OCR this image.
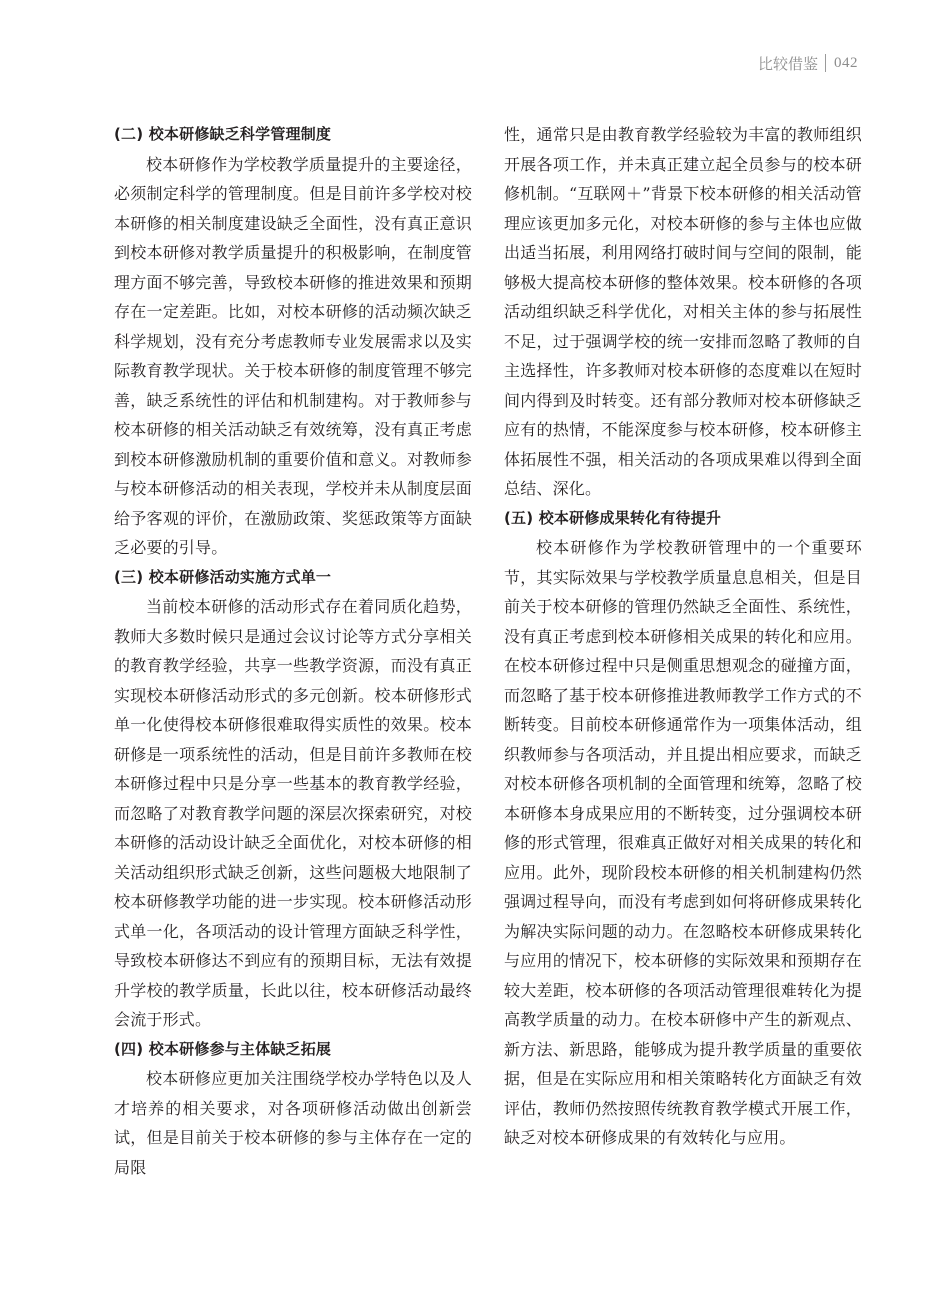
比较借鉴 042
(二) 校本研修缺乏科学管理制度

校本研修作为学校教学质量提升的主要途径，必须制定科学的管理制度。但是目前许多学校对校本研修的相关制度建设缺乏全面性，没有真正意识到校本研修对教学质量提升的积极影响，在制度管理方面不够完善，导致校本研修的推进效果和预期存在一定差距。比如，对校本研修的活动频次缺乏科学规划，没有充分考虑教师专业发展需求以及实际教育教学现状。关于校本研修的制度管理不够完善，缺乏系统性的评估和机制建构。对于教师参与校本研修的相关活动缺乏有效统筹，没有真正考虑到校本研修激励机制的重要价值和意义。对教师参与校本研修活动的相关表现，学校并未从制度层面给予客观的评价，在激励政策、奖惩政策等方面缺乏必要的引导。

(三) 校本研修活动实施方式单一

当前校本研修的活动形式存在着同质化趋势，教师大多数时候只是通过会议讨论等方式分享相关的教育教学经验，共享一些教学资源，而没有真正实现校本研修活动形式的多元创新。校本研修形式单一化使得校本研修很难取得实质性的效果。校本研修是一项系统性的活动，但是目前许多教师在校本研修过程中只是分享一些基本的教育教学经验，而忽略了对教育教学问题的深层次探索研究，对校本研修的活动设计缺乏全面优化，对校本研修的相关活动组织形式缺乏创新，这些问题极大地限制了校本研修教学功能的进一步实现。校本研修活动形式单一化，各项活动的设计管理方面缺乏科学性，导致校本研修达不到应有的预期目标，无法有效提升学校的教学质量，长此以往，校本研修活动最终会流于形式。

(四) 校本研修参与主体缺乏拓展

校本研修应更加关注围绕学校办学特色以及人才培养的相关要求，对各项研修活动做出创新尝试，但是目前关于校本研修的参与主体存在一定的局限

性，通常只是由教育教学经验较为丰富的教师组织开展各项工作，并未真正建立起全员参与的校本研修机制。“互联网＋”背景下校本研修的相关活动管理应该更加多元化，对校本研修的参与主体也应做出适当拓展，利用网络打破时间与空间的限制，能够极大提高校本研修的整体效果。校本研修的各项活动组织缺乏科学优化，对相关主体的参与拓展性不足，过于强调学校的统一安排而忽略了教师的自主选择性，许多教师对校本研修的态度难以在短时间内得到及时转变。还有部分教师对校本研修缺乏应有的热情，不能深度参与校本研修，校本研修主体拓展性不强，相关活动的各项成果难以得到全面总结、深化。

(五) 校本研修成果转化有待提升

校本研修作为学校教研管理中的一个重要环节，其实际效果与学校教学质量息息相关，但是目前关于校本研修的管理仍然缺乏全面性、系统性，没有真正考虑到校本研修相关成果的转化和应用。在校本研修过程中只是侧重思想观念的碰撞方面，而忽略了基于校本研修推进教师教学工作方式的不断转变。目前校本研修通常作为一项集体活动，组织教师参与各项活动，并且提出相应要求，而缺乏对校本研修各项机制的全面管理和统筹，忽略了校本研修本身成果应用的不断转变，过分强调校本研修的形式管理，很难真正做好对相关成果的转化和应用。此外，现阶段校本研修的相关机制建构仍然强调过程导向，而没有考虑到如何将研修成果转化为解决实际问题的动力。在忽略校本研修成果转化与应用的情况下，校本研修的实际效果和预期存在较大差距，校本研修的各项活动管理很难转化为提高教学质量的动力。在校本研修中产生的新观点、新方法、新思路，能够成为提升教学质量的重要依据，但是在实际应用和相关策略转化方面缺乏有效评估，教师仍然按照传统教育教学模式开展工作，缺乏对校本研修成果的有效转化与应用。
